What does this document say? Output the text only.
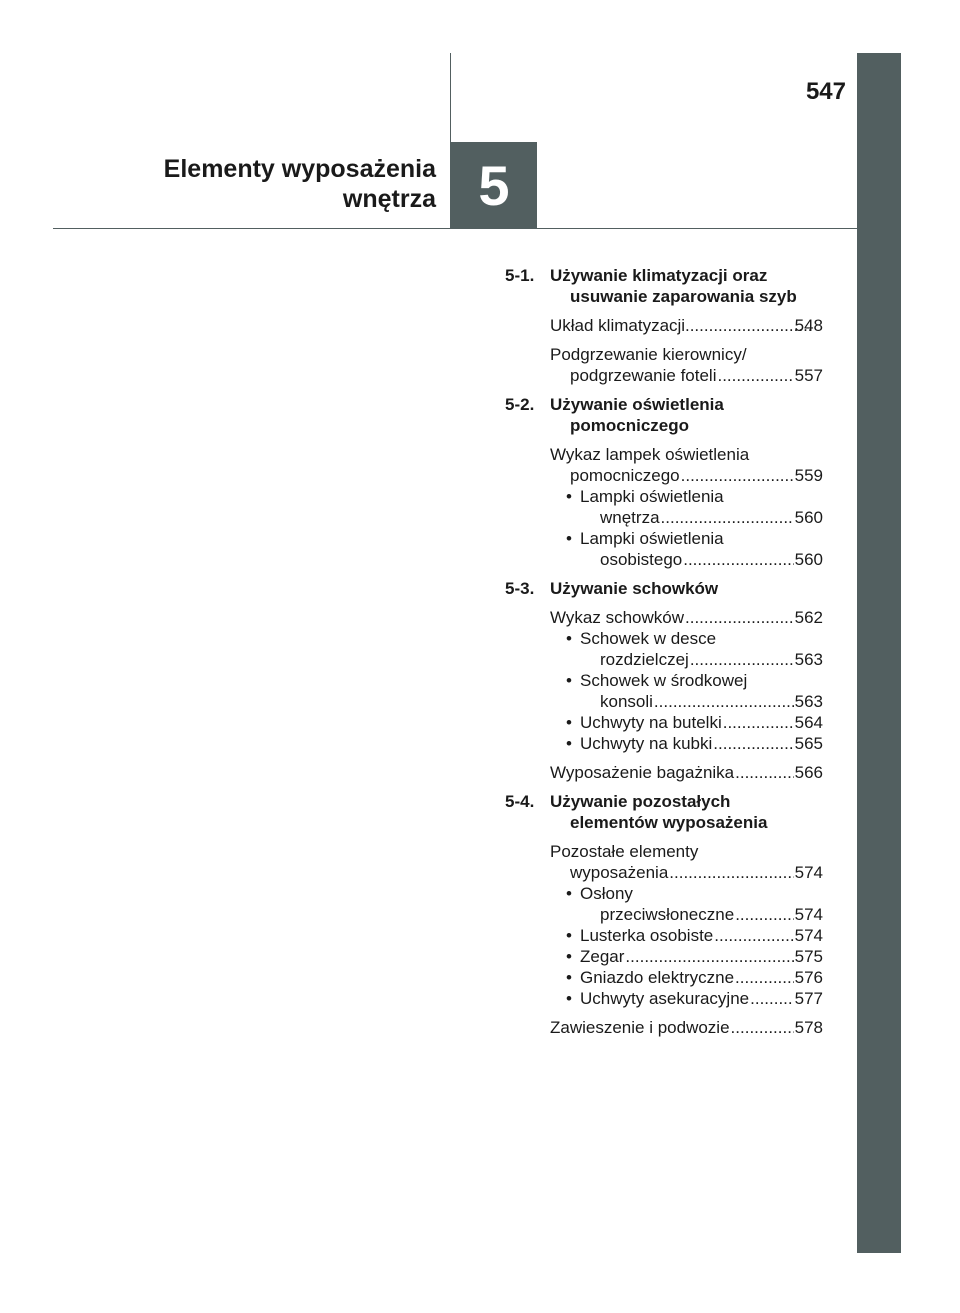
547
Elementy wyposażenia
wnętrza 5
5-1. Używanie klimatyzacji oraz
usuwanie zaparowania szyb
Układ klimatyzacji .....	548
Podgrzewanie kierownicy/
podgrzewanie foteli .....	557
5-2. Używanie oświetlenia
pomocniczego
Wykaz lampek oświetlenia
pomocniczego .....	559
• Lampki oświetlenia
wnętrza .....	560
• Lampki oświetlenia
osobistego .....	560
5-3. Używanie schowków
Wykaz schowków .....	562
• Schowek w desce
rozdzielczej .....	563
• Schowek w środkowej
konsoli .....	563
• Uchwyty na butelki .....	564
• Uchwyty na kubki .....	565
Wyposażenie bagażnika .....	566
5-4. Używanie pozostałych
elementów wyposażenia
Pozostałe elementy
wyposażenia .....	574
• Osłony
przeciwsłoneczne .....	574
• Lusterka osobiste .....	574
• Zegar .....	575
• Gniazdo elektryczne .....	576
• Uchwyty asekuracyjne .....	577
Zawieszenie i podwozie .....	578
